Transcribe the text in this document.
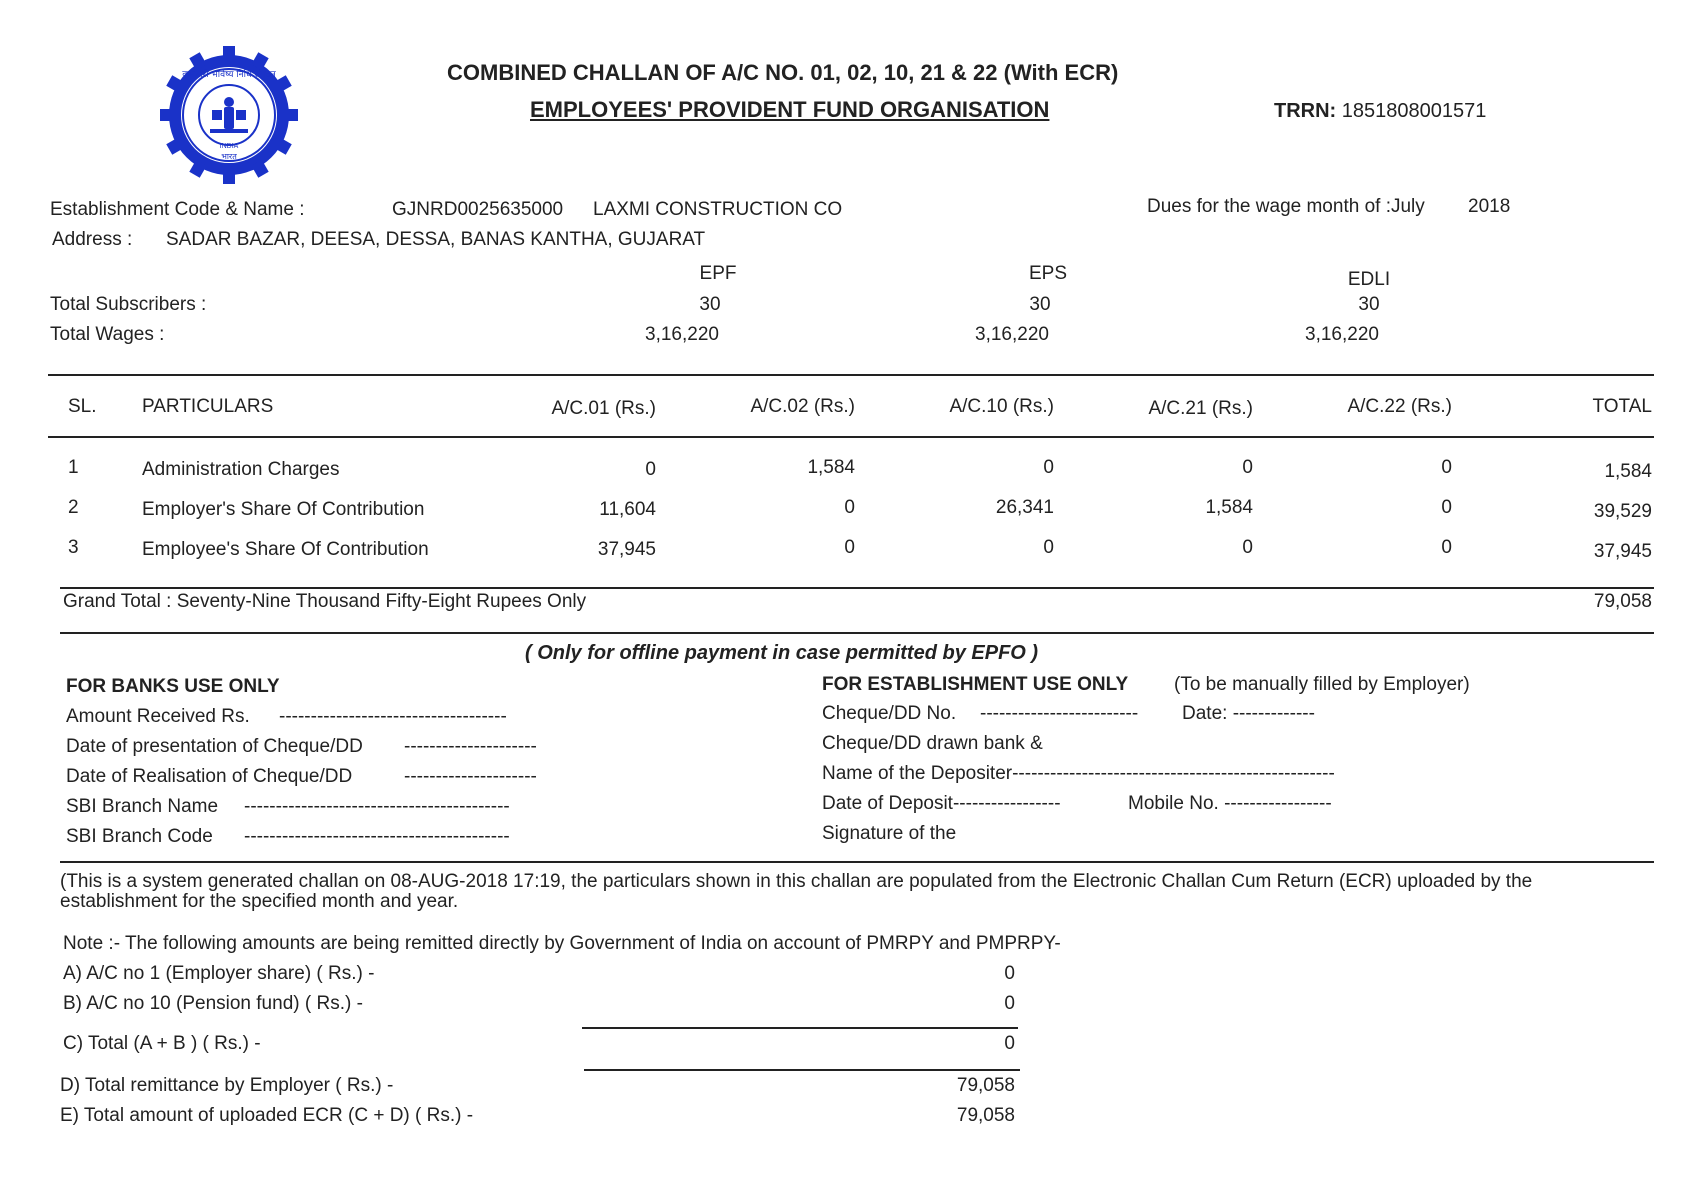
कर्मचारी भविष्य निधि संगठन
INDIA
भारत
COMBINED CHALLAN OF A/C NO. 01, 02, 10, 21 & 22 (With ECR)
EMPLOYEES' PROVIDENT FUND ORGANISATION	TRRN: 1851808001571
Establishment Code & Name :	GJNRD0025635000 LAXMI CONSTRUCTION CO	Dues for the wage month of :July 2018
Address : SADAR BAZAR, DEESA, DESSA, BANAS KANTHA, GUJARAT
EPF	EPS	EDLI
Total Subscribers :	30	30	30
Total Wages :	3,16,220	3,16,220	3,16,220
SL. PARTICULARS	A/C.01 (Rs.)	A/C.02 (Rs.)	A/C.10 (Rs.)	A/C.21 (Rs.)	A/C.22 (Rs.)	TOTAL
1	Administration Charges	0	1,584	0	0	0	1,584
2	Employer's Share Of Contribution	11,604	0	26,341	1,584	0	39,529
3	Employee's Share Of Contribution	37,945	0	0	0	0	37,945
Grand Total : Seventy-Nine Thousand Fifty-Eight Rupees Only	79,058
( Only for offline payment in case permitted by EPFO )
FOR BANKS USE ONLY
Amount Received Rs. ------------------------------------
Date of presentation of Cheque/DD ---------------------
Date of Realisation of Cheque/DD	---------------------
SBI Branch Name ------------------------------------------
SBI Branch Code ------------------------------------------
FOR ESTABLISHMENT USE ONLY (To be manually filled by Employer)
Cheque/DD No. ------------------------- Date: -------------
Cheque/DD drawn bank &
Name of the Depositer---------------------------------------------------
Date of Deposit-----------------	Mobile No. -----------------
Signature of the
(This is a system generated challan on 08-AUG-2018 17:19, the particulars shown in this challan are populated from the Electronic Challan Cum Return (ECR) uploaded by the
establishment for the specified month and year.
Note :- The following amounts are being remitted directly by Government of India on account of PMRPY and PMPRPY-
A) A/C no 1 (Employer share) ( Rs.) -	0
B) A/C no 10 (Pension fund) ( Rs.) -	0
C) Total (A + B ) ( Rs.) -	0
D) Total remittance by Employer ( Rs.) -	79,058
E) Total amount of uploaded ECR (C + D) ( Rs.) -	79,058
